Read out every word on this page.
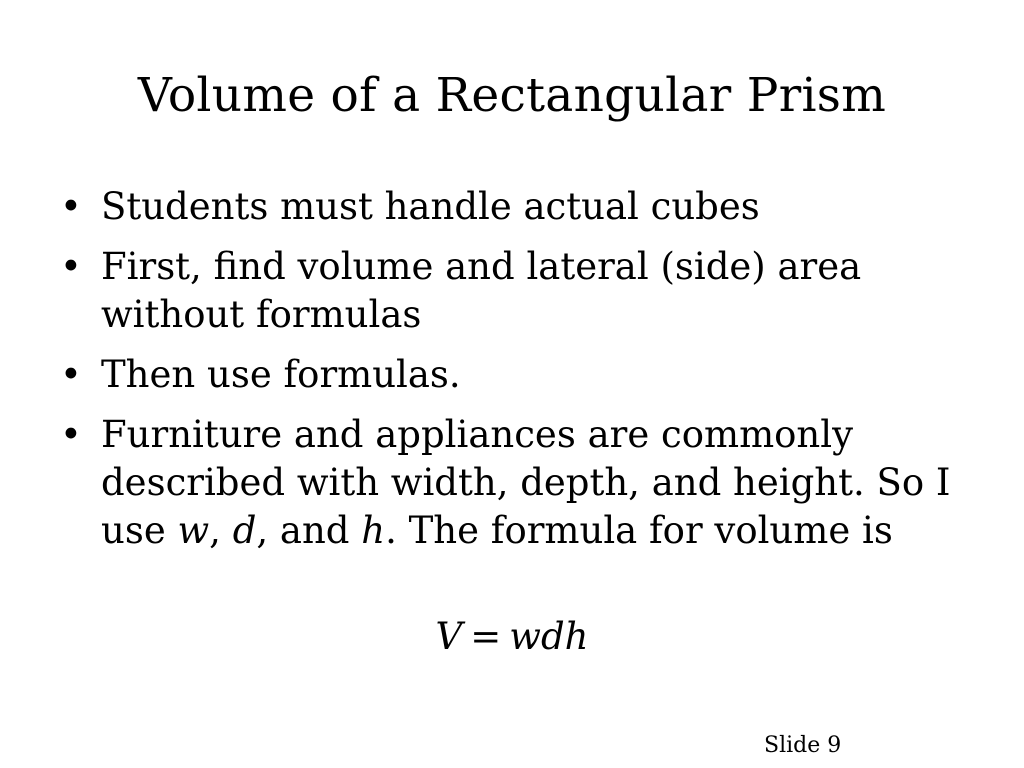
Volume of a Rectangular Prism
• Students must handle actual cubes
• First, find volume and lateral (side) area without formulas
• Then use formulas.
• Furniture and appliances are commonly described with width, depth, and height. So I use w, d, and h. The formula for volume is
V = wdh
Slide 9
